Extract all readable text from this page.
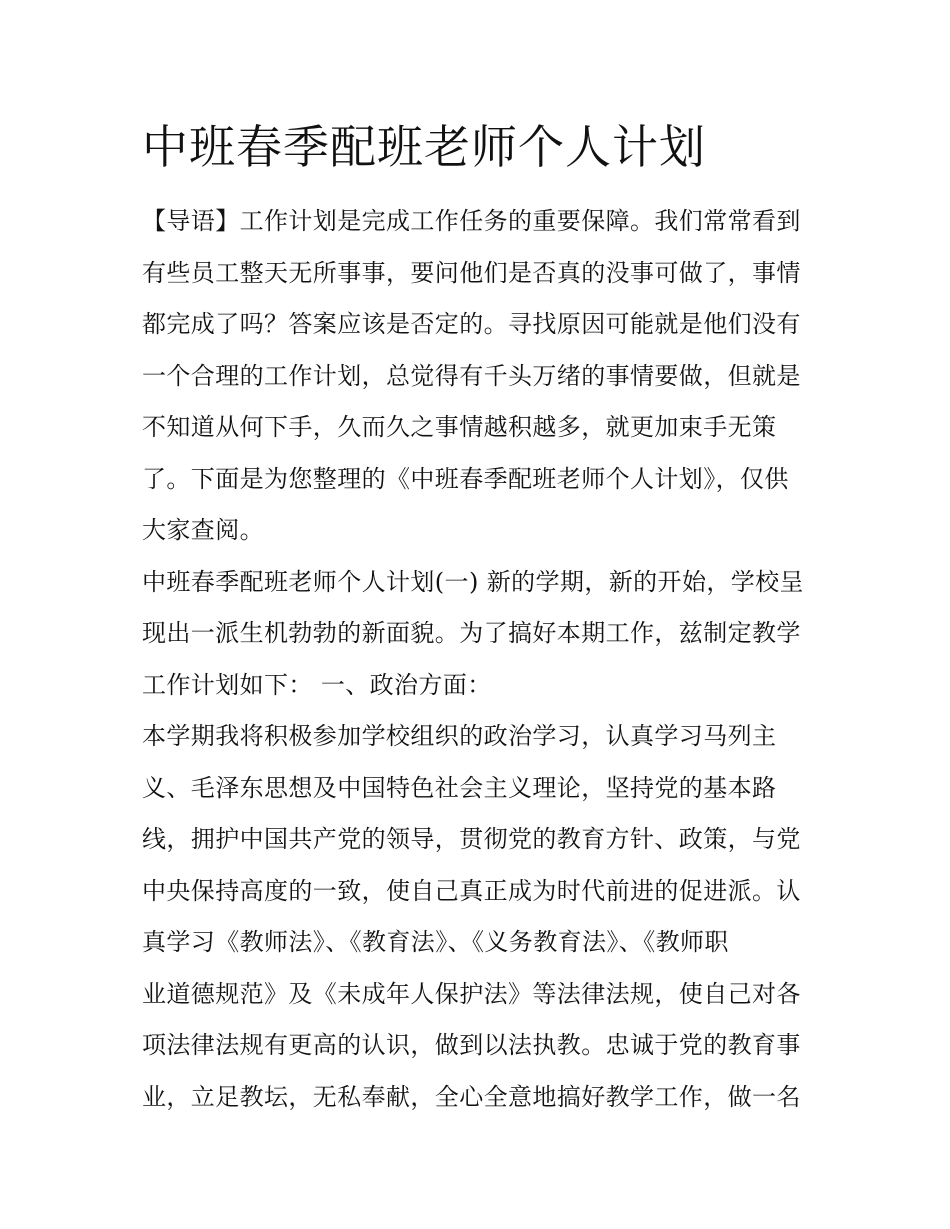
中班春季配班老师个人计划
【导语】工作计划是完成工作任务的重要保障。我们常常看到
有些员工整天无所事事，要问他们是否真的没事可做了，事情
都完成了吗？答案应该是否定的。寻找原因可能就是他们没有
一个合理的工作计划，总觉得有千头万绪的事情要做，但就是
不知道从何下手，久而久之事情越积越多，就更加束手无策
了。下面是为您整理的《中班春季配班老师个人计划》，仅供
大家查阅。
中班春季配班老师个人计划(一) 新的学期，新的开始，学校呈
现出一派生机勃勃的新面貌。为了搞好本期工作，兹制定教学
工作计划如下： 一、政治方面：
本学期我将积极参加学校组织的政治学习，认真学习马列主
义、毛泽东思想及中国特色社会主义理论，坚持党的基本路
线，拥护中国共产党的领导，贯彻党的教育方针、政策，与党
中央保持高度的一致，使自己真正成为时代前进的促进派。认
真学习《教师法》、《教育法》、《义务教育法》、《教师职
业道德规范》及《未成年人保护法》等法律法规，使自己对各
项法律法规有更高的认识，做到以法执教。忠诚于党的教育事
业，立足教坛，无私奉献，全心全意地搞好教学工作，做一名
